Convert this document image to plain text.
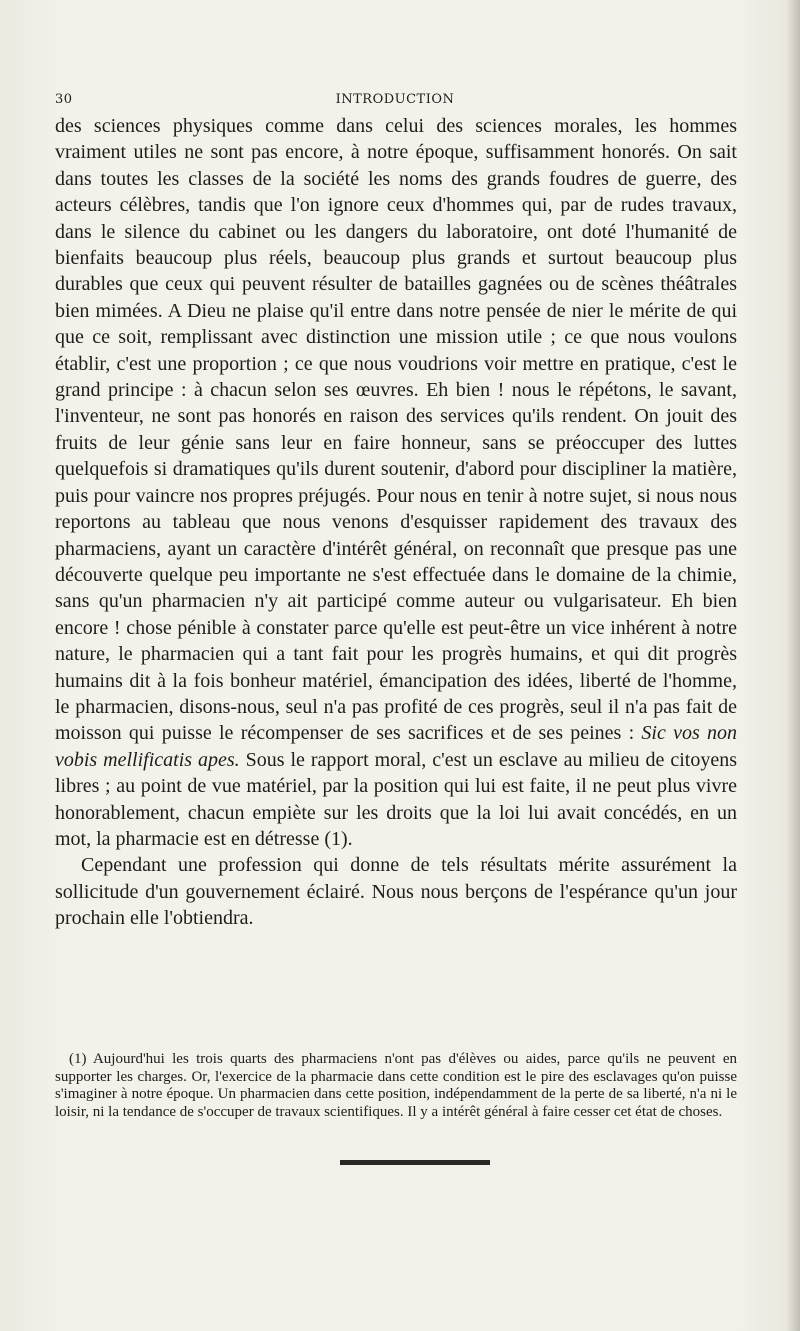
30	INTRODUCTION

des sciences physiques comme dans celui des sciences morales, les hommes vraiment utiles ne sont pas encore, à notre époque, suffisamment honorés. On sait dans toutes les classes de la société les noms des grands foudres de guerre, des acteurs célèbres, tandis que l'on ignore ceux d'hommes qui, par de rudes travaux, dans le silence du cabinet ou les dangers du laboratoire, ont doté l'humanité de bienfaits beaucoup plus réels, beaucoup plus grands et surtout beaucoup plus durables que ceux qui peuvent résulter de batailles gagnées ou de scènes théâtrales bien mimées. A Dieu ne plaise qu'il entre dans notre pensée de nier le mérite de qui que ce soit, remplissant avec distinction une mission utile ; ce que nous voulons établir, c'est une proportion ; ce que nous voudrions voir mettre en pratique, c'est le grand principe : à chacun selon ses œuvres. Eh bien ! nous le répétons, le savant, l'inventeur, ne sont pas honorés en raison des services qu'ils rendent. On jouit des fruits de leur génie sans leur en faire honneur, sans se préoccuper des luttes quelquefois si dramatiques qu'ils durent soutenir, d'abord pour discipliner la matière, puis pour vaincre nos propres préjugés. Pour nous en tenir à notre sujet, si nous nous reportons au tableau que nous venons d'esquisser rapidement des travaux des pharmaciens, ayant un caractère d'intérêt général, on reconnaît que presque pas une découverte quelque peu importante ne s'est effectuée dans le domaine de la chimie, sans qu'un pharmacien n'y ait participé comme auteur ou vulgarisateur. Eh bien encore ! chose pénible à constater parce qu'elle est peut-être un vice inhérent à notre nature, le pharmacien qui a tant fait pour les progrès humains, et qui dit progrès humains dit à la fois bonheur matériel, émancipation des idées, liberté de l'homme, le pharmacien, disons-nous, seul n'a pas profité de ces progrès, seul il n'a pas fait de moisson qui puisse le récompenser de ses sacrifices et de ses peines : Sic vos non vobis mellificatis apes. Sous le rapport moral, c'est un esclave au milieu de citoyens libres ; au point de vue matériel, par la position qui lui est faite, il ne peut plus vivre honorablement, chacun empiète sur les droits que la loi lui avait concédés, en un mot, la pharmacie est en détresse (1).

Cependant une profession qui donne de tels résultats mérite assurément la sollicitude d'un gouvernement éclairé. Nous nous berçons de l'espérance qu'un jour prochain elle l'obtiendra.

(1) Aujourd'hui les trois quarts des pharmaciens n'ont pas d'élèves ou aides, parce qu'ils ne peuvent en supporter les charges. Or, l'exercice de la pharmacie dans cette condition est le pire des esclavages qu'on puisse s'imaginer à notre époque. Un pharmacien dans cette position, indépendamment de la perte de sa liberté, n'a ni le loisir, ni la tendance de s'occuper de travaux scientifiques. Il y a intérêt général à faire cesser cet état de choses.
